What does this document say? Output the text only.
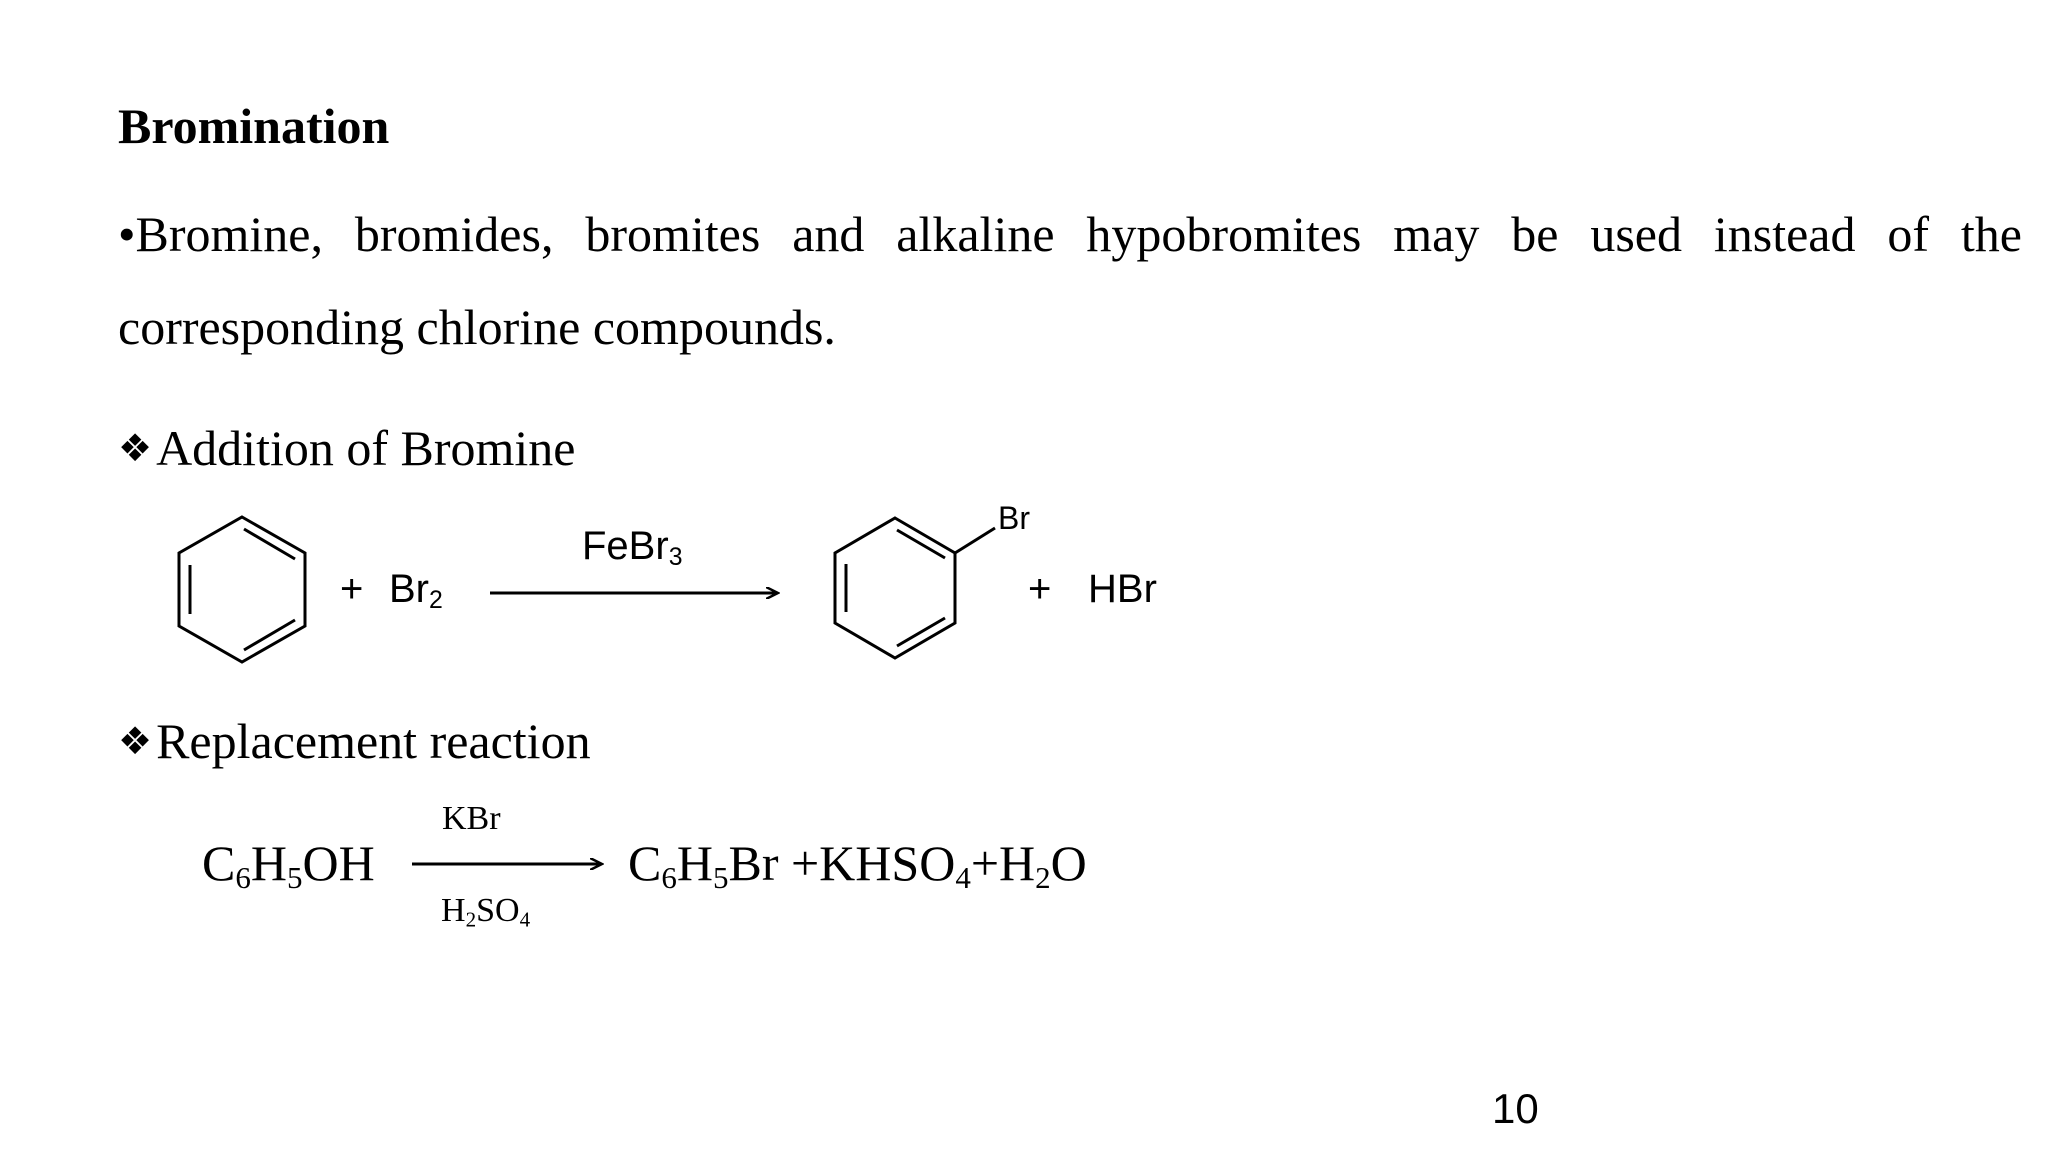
Bromination
•Bromine, bromides, bromites and alkaline hypobromites may be used instead of the corresponding chlorine compounds.
❖Addition of Bromine
+ $Br_2$
FeBr$_3$
Br
+ HBr
❖Replacement reaction
$C_6H_5OH$
KBr
$H_2SO_4$
$C_6H_5Br$ $+KHSO_4+H_2O$
10
